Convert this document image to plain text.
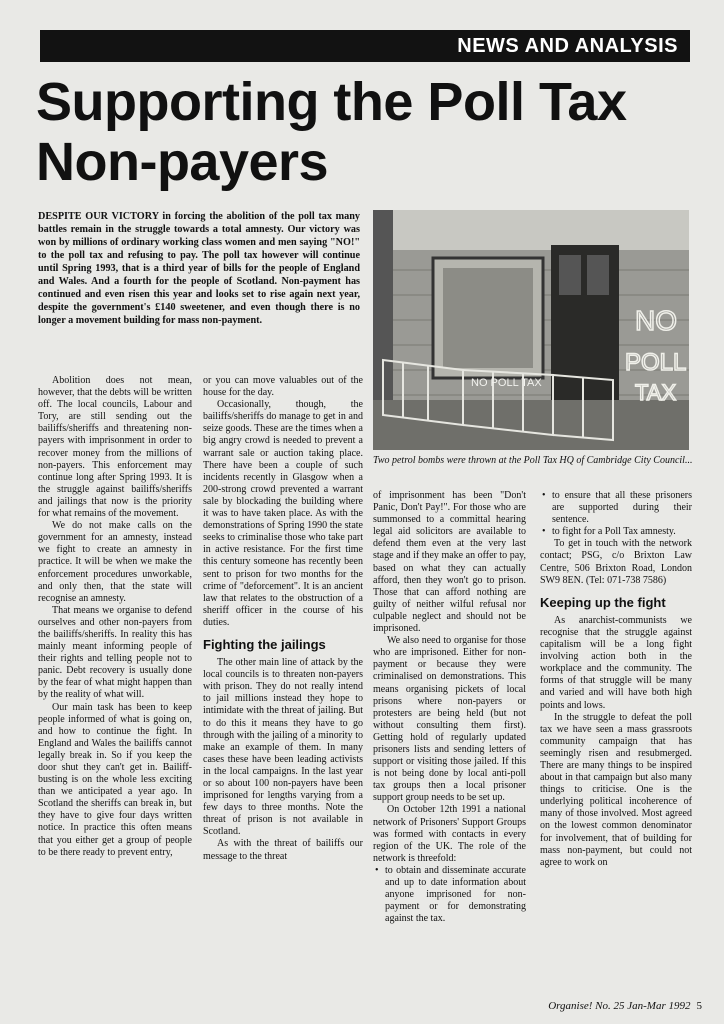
NEWS AND ANALYSIS
Supporting the Poll Tax
Non-payers

DESPITE OUR VICTORY in forcing the abolition of the poll tax many battles remain in the struggle towards a total amnesty. Our victory was won by millions of ordinary working class women and men saying "NO!" to the poll tax and refusing to pay. The poll tax however will continue until Spring 1993, that is a third year of bills for the people of England and Wales. And a fourth for the people of Scotland. Non-payment has continued and even risen this year and looks set to rise again next year, despite the government's £140 sweetener, and even though there is no longer a movement building for mass non-payment.

NO POLL TAX
NO
POLL
TAX

Two petrol bombs were thrown at the Poll Tax HQ of Cambridge City Council...

Abolition does not mean, however, that the debts will be written off. The local councils, Labour and Tory, are still sending out the bailiffs/sheriffs and threatening non-payers with imprisonment in order to recover money from the millions of non-payers. This enforcement may continue long after Spring 1993. It is the struggle against bailiffs/sheriffs and jailings that now is the priority for what remains of the movement.

We do not make calls on the government for an amnesty, instead we fight to create an amnesty in practice. It will be when we make the enforcement procedures unworkable, and only then, that the state will recognise an amnesty.

That means we organise to defend ourselves and other non-payers from the bailiffs/sheriffs. In reality this has mainly meant informing people of their rights and telling people not to panic. Debt recovery is usually done by the fear of what might happen than by the reality of what will.

Our main task has been to keep people informed of what is going on, and how to continue the fight. In England and Wales the bailiffs cannot legally break in. So if you keep the door shut they can't get in. Bailiff-busting is on the whole less exciting than we anticipated a year ago. In Scotland the sheriffs can break in, but they have to give four days written notice. In practice this often means that you either get a group of people to be there ready to prevent entry,

or you can move valuables out of the house for the day.

Occasionally, though, the bailiffs/sheriffs do manage to get in and seize goods. These are the times when a big angry crowd is needed to prevent a warrant sale or auction taking place. There have been a couple of such incidents recently in Glasgow when a 200-strong crowd prevented a warrant sale by blockading the building where it was to have taken place. As with the demonstrations of Spring 1990 the state seeks to criminalise those who take part in active resistance. For the first time this century someone has recently been sent to prison for two months for the crime of "deforcement". It is an ancient law that relates to the obstruction of a sheriff officer in the course of his duties.

Fighting the jailings

The other main line of attack by the local councils is to threaten non-payers with prison. They do not really intend to jail millions instead they hope to intimidate with the threat of jailing. But to do this it means they have to go through with the jailing of a minority to make an example of them. In many cases these have been leading activists in the local campaigns. In the last year or so about 100 non-payers have been imprisoned for lengths varying from a few days to three months. Note the threat of prison is not available in Scotland.

As with the threat of bailiffs our message to the threat

of imprisonment has been "Don't Panic, Don't Pay!". For those who are summonsed to a committal hearing legal aid solicitors are available to defend them even at the very last stage and if they make an offer to pay, based on what they can actually afford, then they won't go to prison. Those that can afford nothing are guilty of neither wilful refusal nor culpable neglect and should not be imprisoned.

We also need to organise for those who are imprisoned. Either for non-payment or because they were criminalised on demonstrations. This means organising pickets of local prisons where non-payers or protesters are being held (but not without consulting them first). Getting hold of regularly updated prisoners lists and sending letters of support or visiting those jailed. If this is not being done by local anti-poll tax groups then a local prisoner support group needs to be set up.

On October 12th 1991 a national network of Prisoners' Support Groups was formed with contacts in every region of the UK. The role of the network is threefold:

• to obtain and disseminate accurate and up to date information about anyone imprisoned for non-payment or for demonstrating against the tax.
• to ensure that all these prisoners are supported during their sentence.
• to fight for a Poll Tax amnesty.

To get in touch with the network contact; PSG, c/o Brixton Law Centre, 506 Brixton Road, London SW9 8EN. (Tel: 071-738 7586)

Keeping up the fight

As anarchist-communists we recognise that the struggle against capitalism will be a long fight involving action both in the workplace and the community. The forms of that struggle will be many and varied and will have both high points and lows.

In the struggle to defeat the poll tax we have seen a mass grassroots community campaign that has seemingly risen and resubmerged. There are many things to be inspired about in that campaign but also many things to criticise. One is the underlying political incoherence of many of those involved. Most agreed on the lowest common denominator for involvement, that of building for mass non-payment, but could not agree to work on

Organise! No. 25 Jan-Mar 1992 5
